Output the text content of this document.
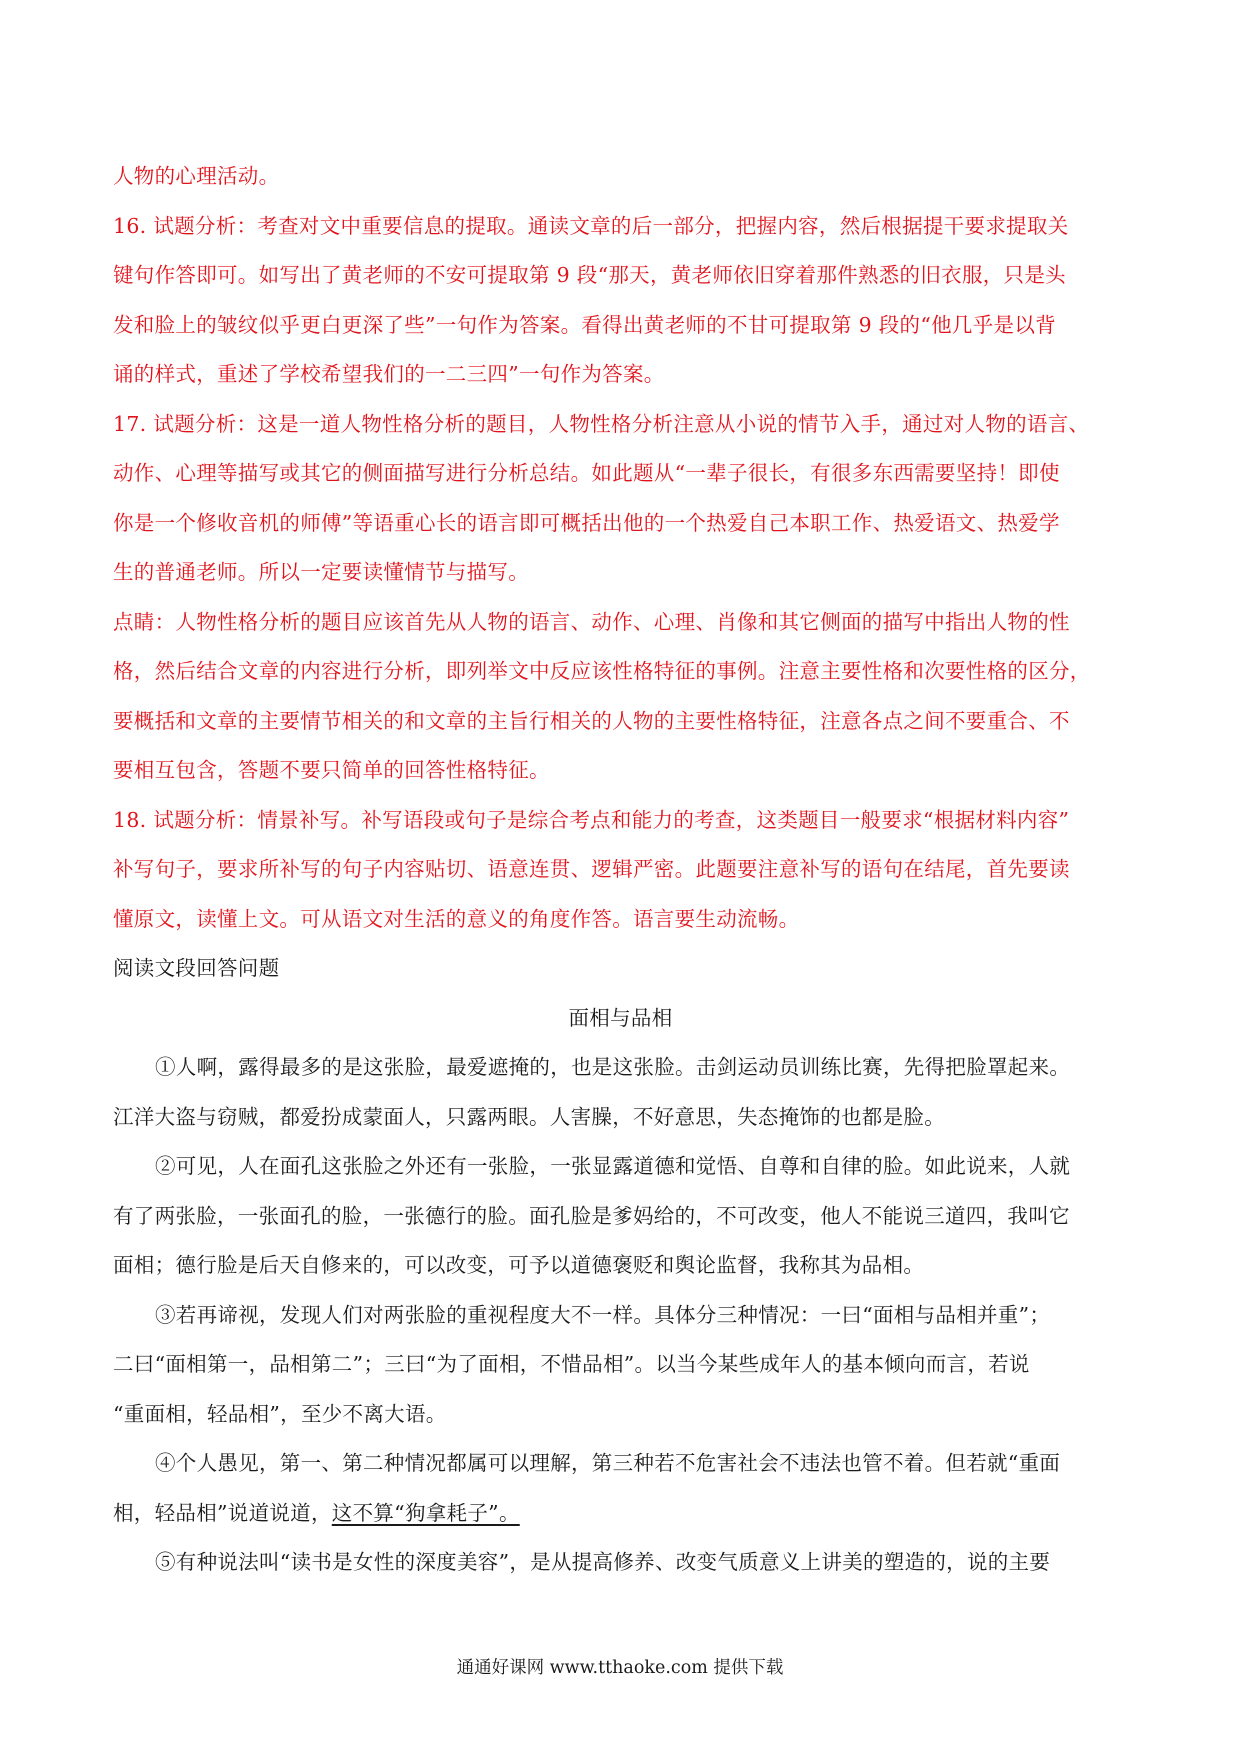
人物的心理活动。
16. 试题分析：考查对文中重要信息的提取。通读文章的后一部分，把握内容，然后根据提干要求提取关
键句作答即可。如写出了黄老师的不安可提取第 9 段“那天，黄老师依旧穿着那件熟悉的旧衣服，只是头
发和脸上的皱纹似乎更白更深了些”一句作为答案。看得出黄老师的不甘可提取第 9 段的“他几乎是以背
诵的样式，重述了学校希望我们的一二三四”一句作为答案。
17. 试题分析：这是一道人物性格分析的题目，人物性格分析注意从小说的情节入手，通过对人物的语言、
动作、心理等描写或其它的侧面描写进行分析总结。如此题从“一辈子很长，有很多东西需要坚持！即使
你是一个修收音机的师傅”等语重心长的语言即可概括出他的一个热爱自己本职工作、热爱语文、热爱学
生的普通老师。所以一定要读懂情节与描写。
点睛：人物性格分析的题目应该首先从人物的语言、动作、心理、肖像和其它侧面的描写中指出人物的性
格，然后结合文章的内容进行分析，即列举文中反应该性格特征的事例。注意主要性格和次要性格的区分，
要概括和文章的主要情节相关的和文章的主旨行相关的人物的主要性格特征，注意各点之间不要重合、不
要相互包含，答题不要只简单的回答性格特征。
18. 试题分析：情景补写。补写语段或句子是综合考点和能力的考查，这类题目一般要求“根据材料内容”
补写句子，要求所补写的句子内容贴切、语意连贯、逻辑严密。此题要注意补写的语句在结尾，首先要读
懂原文，读懂上文。可从语文对生活的意义的角度作答。语言要生动流畅。
阅读文段回答问题
面相与品相
①人啊，露得最多的是这张脸，最爱遮掩的，也是这张脸。击剑运动员训练比赛，先得把脸罩起来。
江洋大盗与窃贼，都爱扮成蒙面人，只露两眼。人害臊，不好意思，失态掩饰的也都是脸。
②可见，人在面孔这张脸之外还有一张脸，一张显露道德和觉悟、自尊和自律的脸。如此说来，人就
有了两张脸，一张面孔的脸，一张德行的脸。面孔脸是爹妈给的，不可改变，他人不能说三道四，我叫它
面相；德行脸是后天自修来的，可以改变，可予以道德褒贬和舆论监督，我称其为品相。
③若再谛视，发现人们对两张脸的重视程度大不一样。具体分三种情况：一曰“面相与品相并重”；
二曰“面相第一，品相第二”；三曰“为了面相，不惜品相”。以当今某些成年人的基本倾向而言，若说
“重面相，轻品相”，至少不离大语。
④个人愚见，第一、第二种情况都属可以理解，第三种若不危害社会不违法也管不着。但若就“重面
相，轻品相”说道说道，这不算“狗拿耗子”。
⑤有种说法叫“读书是女性的深度美容”，是从提高修养、改变气质意义上讲美的塑造的，说的主要
通通好课网 www.tthaoke.com 提供下载
